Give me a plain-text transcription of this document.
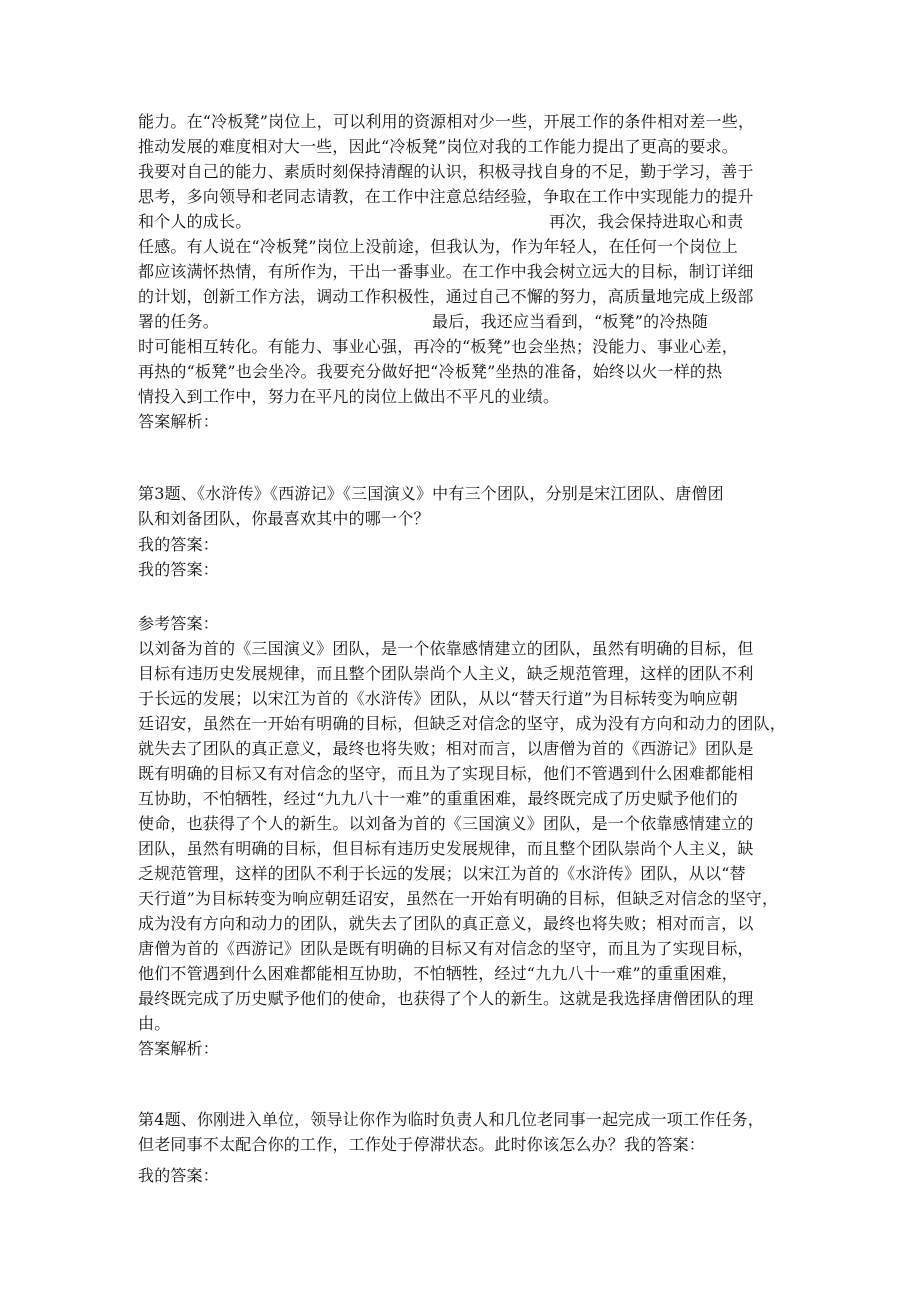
能力。在“冷板凳”岗位上，可以利用的资源相对少一些，开展工作的条件相对差一些，
推动发展的难度相对大一些，因此“冷板凳”岗位对我的工作能力提出了更高的要求。
我要对自己的能力、素质时刻保持清醒的认识，积极寻找自身的不足，勤于学习，善于
思考，多向领导和老同志请教，在工作中注意总结经验，争取在工作中实现能力的提升
和个人的成长。	再次，我会保持进取心和责
任感。有人说在“冷板凳”岗位上没前途，但我认为，作为年轻人，在任何一个岗位上
都应该满怀热情，有所作为，干出一番事业。在工作中我会树立远大的目标，制订详细
的计划，创新工作方法，调动工作积极性，通过自己不懈的努力，高质量地完成上级部
署的任务。	最后，我还应当看到，“板凳”的冷热随
时可能相互转化。有能力、事业心强，再冷的“板凳”也会坐热；没能力、事业心差，
再热的“板凳”也会坐冷。我要充分做好把“冷板凳”坐热的准备，始终以火一样的热
情投入到工作中，努力在平凡的岗位上做出不平凡的业绩。
答案解析：
第3题、《水浒传》《西游记》《三国演义》中有三个团队，分别是宋江团队、唐僧团
队和刘备团队，你最喜欢其中的哪一个？
我的答案：
我的答案：
参考答案：
以刘备为首的《三国演义》团队，是一个依靠感情建立的团队，虽然有明确的目标，但
目标有违历史发展规律，而且整个团队崇尚个人主义，缺乏规范管理，这样的团队不利
于长远的发展；以宋江为首的《水浒传》团队，从以“替天行道”为目标转变为响应朝
廷诏安，虽然在一开始有明确的目标，但缺乏对信念的坚守，成为没有方向和动力的团队，
就失去了团队的真正意义，最终也将失败；相对而言，以唐僧为首的《西游记》团队是
既有明确的目标又有对信念的坚守，而且为了实现目标，他们不管遇到什么困难都能相
互协助，不怕牺牲，经过“九九八十一难”的重重困难，最终既完成了历史赋予他们的
使命，也获得了个人的新生。以刘备为首的《三国演义》团队，是一个依靠感情建立的
团队，虽然有明确的目标，但目标有违历史发展规律，而且整个团队崇尚个人主义，缺
乏规范管理，这样的团队不利于长远的发展；以宋江为首的《水浒传》团队，从以“替
天行道”为目标转变为响应朝廷诏安，虽然在一开始有明确的目标，但缺乏对信念的坚守，
成为没有方向和动力的团队，就失去了团队的真正意义，最终也将失败；相对而言，以
唐僧为首的《西游记》团队是既有明确的目标又有对信念的坚守，而且为了实现目标，
他们不管遇到什么困难都能相互协助，不怕牺牲，经过“九九八十一难”的重重困难，
最终既完成了历史赋予他们的使命，也获得了个人的新生。这就是我选择唐僧团队的理
由。
答案解析：
第4题、你刚进入单位，领导让你作为临时负责人和几位老同事一起完成一项工作任务，
但老同事不太配合你的工作，工作处于停滞状态。此时你该怎么办？我的答案：
我的答案：
